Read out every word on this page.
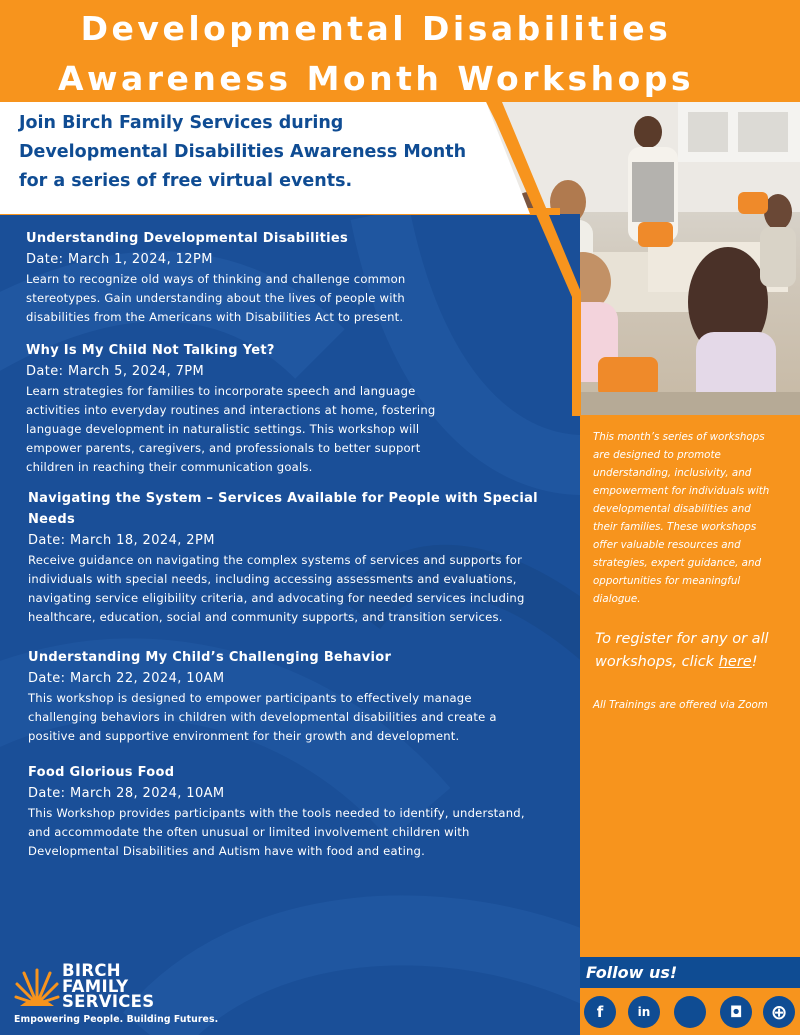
Developmental Disabilities
Awareness Month Workshops
Join Birch Family Services during
Developmental Disabilities Awareness Month
for a series of free virtual events.
Understanding Developmental Disabilities
Date: March 1, 2024, 12PM
Learn to recognize old ways of thinking and challenge common
stereotypes. Gain understanding about the lives of people with
disabilities from the Americans with Disabilities Act to present.
Why Is My Child Not Talking Yet?
Date: March 5, 2024, 7PM
Learn strategies for families to incorporate speech and language
activities into everyday routines and interactions at home, fostering
language development in naturalistic settings. This workshop will
empower parents, caregivers, and professionals to better support
children in reaching their communication goals.
Navigating the System – Services Available for People with Special
Needs
Date: March 18, 2024, 2PM
Receive guidance on navigating the complex systems of services and supports for
individuals with special needs, including accessing assessments and evaluations,
navigating service eligibility criteria, and advocating for needed services including
healthcare, education, social and community supports, and transition services.
Understanding My Child’s Challenging Behavior
Date: March 22, 2024, 10AM
This workshop is designed to empower participants to effectively manage
challenging behaviors in children with developmental disabilities and create a
positive and supportive environment for their growth and development.
Food Glorious Food
Date: March 28, 2024, 10AM
This Workshop provides participants with the tools needed to identify, understand,
and accommodate the often unusual or limited involvement children with
Developmental Disabilities and Autism have with food and eating.
This month’s series of workshops
are designed to promote
understanding, inclusivity, and
empowerment for individuals with
developmental disabilities and
their families. These workshops
offer valuable resources and
strategies, expert guidance, and
opportunities for meaningful
dialogue.
To register for any or all
workshops, click here!
All Trainings are offered via Zoom
Follow us!
f	in	◘	⊕
BIRCH
FAMILY
SERVICES
Empowering People. Building Futures.
